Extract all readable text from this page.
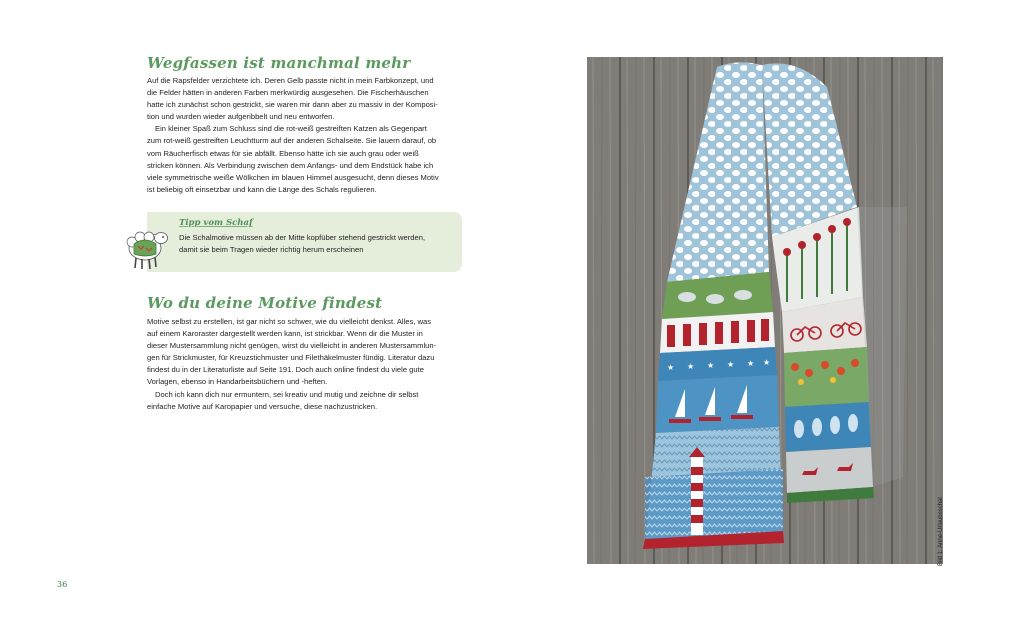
Wegfassen ist manchmal mehr

Auf die Rapsfelder verzichtete ich. Deren Gelb passte nicht in mein Farbkonzept, und
die Felder hätten in anderen Farben merkwürdig ausgesehen. Die Fischerhäuschen
hatte ich zunächst schon gestrickt, sie waren mir dann aber zu massiv in der Komposi-
tion und wurden wieder aufgeribbelt und neu entworfen.

Ein kleiner Spaß zum Schluss sind die rot-weiß gestreiften Katzen als Gegenpart
zum rot-weiß gestreiften Leuchtturm auf der anderen Schalseite. Sie lauern darauf, ob
vom Räucherfisch etwas für sie abfällt. Ebenso hätte ich sie auch grau oder weiß
stricken können. Als Verbindung zwischen dem Anfangs- und dem Endstück habe ich
viele symmetrische weiße Wölkchen im blauen Himmel ausgesucht, denn dieses Motiv
ist beliebig oft einsetzbar und kann die Länge des Schals regulieren.

Tipp vom Schaf

Die Schalmotive müssen ab der Mitte kopfüber stehend gestrickt werden,
damit sie beim Tragen wieder richtig herum erscheinen

Wo du deine Motive findest

Motive selbst zu erstellen, ist gar nicht so schwer, wie du vielleicht denkst. Alles, was
auf einem Karoraster dargestellt werden kann, ist strickbar. Wenn dir die Muster in
dieser Mustersammlung nicht genügen, wirst du vielleicht in anderen Mustersammlun-
gen für Strickmuster, für Kreuzstichmuster und Filethäkelmuster fündig. Literatur dazu
findest du in der Literaturliste auf Seite 191. Doch auch online findest du viele gute
Vorlagen, ebenso in Handarbeitsbüchern und -heften.

Doch ich kann dich nur ermuntern, sei kreativ und mutig und zeichne dir selbst
einfache Motive auf Karopapier und versuche, diese nachzustricken.

36
★ ★ ★ ★ ★ ★
Bild 1: Anne-Urlaubsschal
